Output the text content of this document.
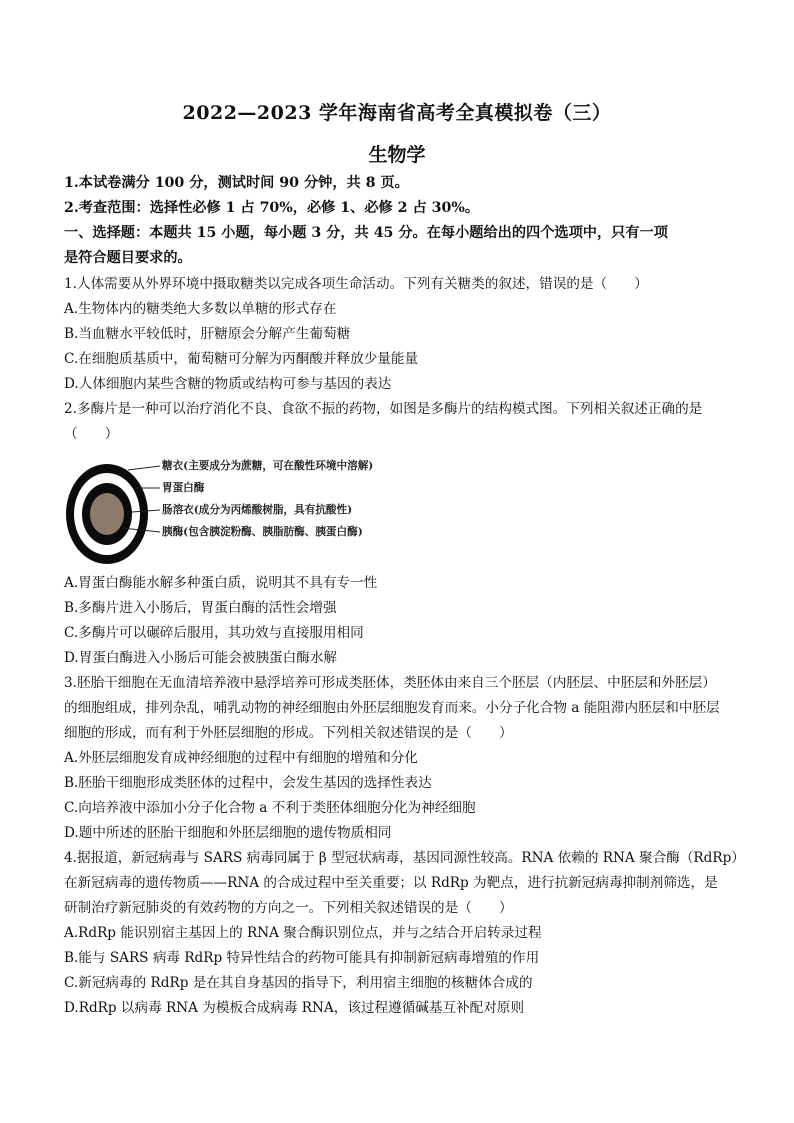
2022—2023 学年海南省高考全真模拟卷（三）
生物学
1.本试卷满分 100 分，测试时间 90 分钟，共 8 页。
2.考查范围：选择性必修 1 占 70%，必修 1、必修 2 占 30%。
一、选择题：本题共 15 小题，每小题 3 分，共 45 分。在每小题给出的四个选项中，只有一项
是符合题目要求的。
1.人体需要从外界环境中摄取糖类以完成各项生命活动。下列有关糖类的叙述，错误的是（　　）
A.生物体内的糖类绝大多数以单糖的形式存在
B.当血糖水平较低时，肝糖原会分解产生葡萄糖
C.在细胞质基质中，葡萄糖可分解为丙酮酸并释放少量能量
D.人体细胞内某些含糖的物质或结构可参与基因的表达
2.多酶片是一种可以治疗消化不良、食欲不振的药物，如图是多酶片的结构模式图。下列相关叙述正确的是
（　　）
糖衣(主要成分为蔗糖，可在酸性环境中溶解)
胃蛋白酶
肠溶衣(成分为丙烯酸树脂，具有抗酸性)
胰酶(包含胰淀粉酶、胰脂肪酶、胰蛋白酶)
A.胃蛋白酶能水解多种蛋白质，说明其不具有专一性
B.多酶片进入小肠后，胃蛋白酶的活性会增强
C.多酶片可以碾碎后服用，其功效与直接服用相同
D.胃蛋白酶进入小肠后可能会被胰蛋白酶水解
3.胚胎干细胞在无血清培养液中悬浮培养可形成类胚体，类胚体由来自三个胚层（内胚层、中胚层和外胚层）
的细胞组成，排列杂乱，哺乳动物的神经细胞由外胚层细胞发育而来。小分子化合物 a 能阻滞内胚层和中胚层
细胞的形成，而有利于外胚层细胞的形成。下列相关叙述错误的是（　　）
A.外胚层细胞发育成神经细胞的过程中有细胞的增殖和分化
B.胚胎干细胞形成类胚体的过程中，会发生基因的选择性表达
C.向培养液中添加小分子化合物 a 不利于类胚体细胞分化为神经细胞
D.题中所述的胚胎干细胞和外胚层细胞的遗传物质相同
4.据报道，新冠病毒与 SARS 病毒同属于 β 型冠状病毒，基因同源性较高。RNA 依赖的 RNA 聚合酶（RdRp）
在新冠病毒的遗传物质——RNA 的合成过程中至关重要；以 RdRp 为靶点，进行抗新冠病毒抑制剂筛选，是
研制治疗新冠肺炎的有效药物的方向之一。下列相关叙述错误的是（　　）
A.RdRp 能识别宿主基因上的 RNA 聚合酶识别位点，并与之结合开启转录过程
B.能与 SARS 病毒 RdRp 特异性结合的药物可能具有抑制新冠病毒增殖的作用
C.新冠病毒的 RdRp 是在其自身基因的指导下，利用宿主细胞的核糖体合成的
D.RdRp 以病毒 RNA 为模板合成病毒 RNA，该过程遵循碱基互补配对原则
